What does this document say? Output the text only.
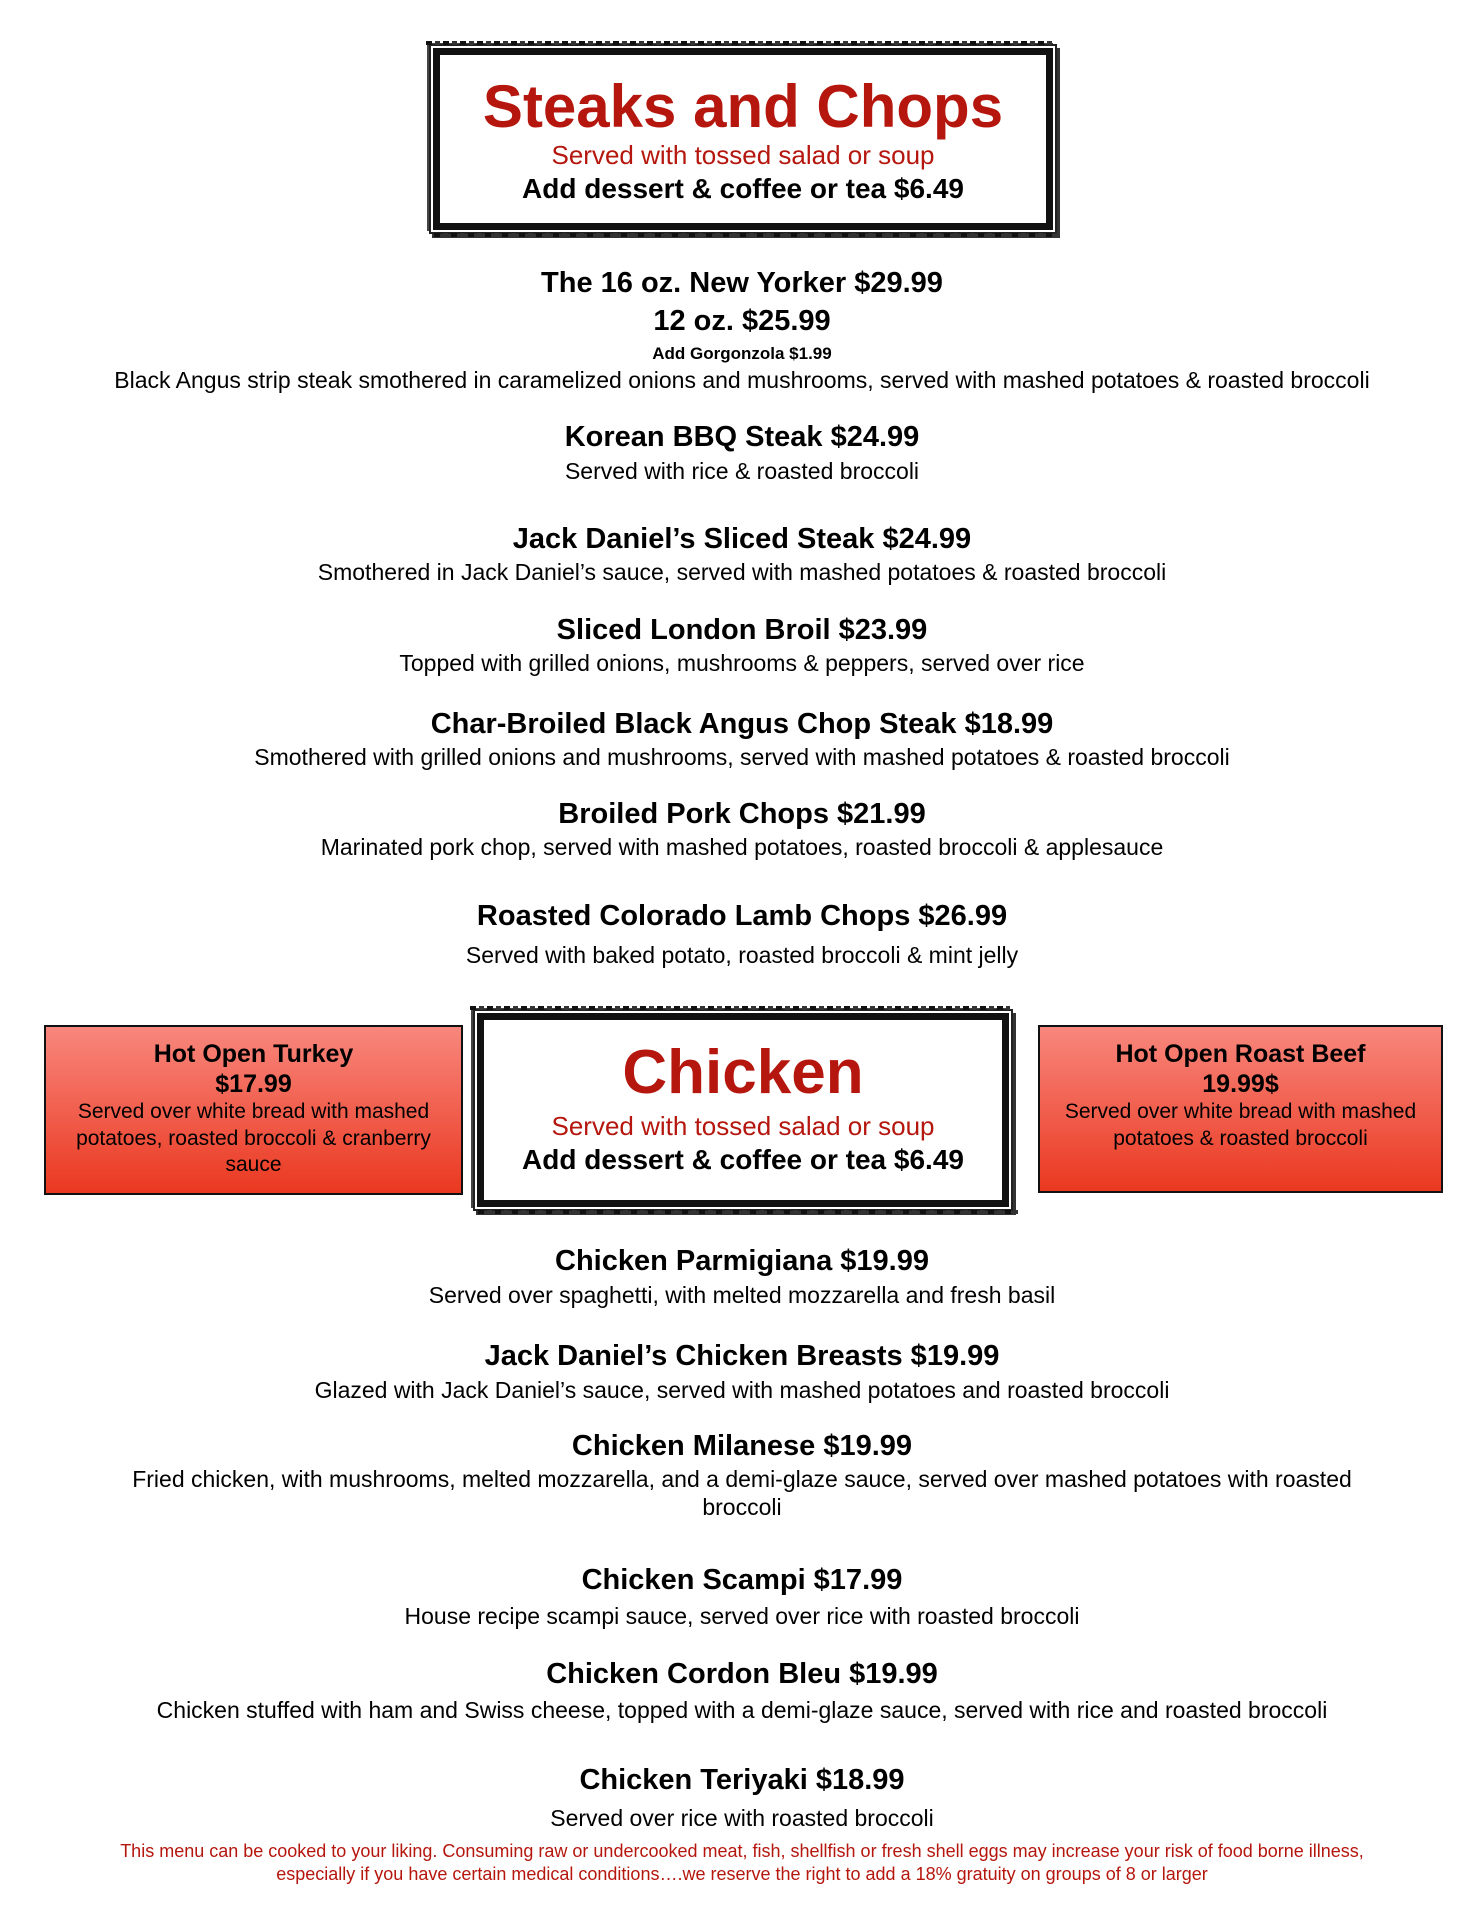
Steaks and Chops
Served with tossed salad or soup
Add dessert & coffee or tea $6.49
The 16 oz. New Yorker $29.99
12 oz. $25.99
Add Gorgonzola $1.99
Black Angus strip steak smothered in caramelized onions and mushrooms, served with mashed potatoes & roasted broccoli
Korean BBQ Steak $24.99
Served with rice & roasted broccoli
Jack Daniel’s Sliced Steak $24.99
Smothered in Jack Daniel’s sauce, served with mashed potatoes & roasted broccoli
Sliced London Broil $23.99
Topped with grilled onions, mushrooms & peppers, served over rice
Char-Broiled Black Angus Chop Steak $18.99
Smothered with grilled onions and mushrooms, served with mashed potatoes & roasted broccoli
Broiled Pork Chops $21.99
Marinated pork chop, served with mashed potatoes, roasted broccoli & applesauce
Roasted Colorado Lamb Chops $26.99
Served with baked potato, roasted broccoli & mint jelly
Hot Open Turkey
$17.99
Served over white bread with mashed potatoes, roasted broccoli & cranberry sauce
Chicken
Served with tossed salad or soup
Add dessert & coffee or tea $6.49
Hot Open Roast Beef
19.99$
Served over white bread with mashed potatoes & roasted broccoli
Chicken Parmigiana $19.99
Served over spaghetti, with melted mozzarella and fresh basil
Jack Daniel’s Chicken Breasts $19.99
Glazed with Jack Daniel’s sauce, served with mashed potatoes and roasted broccoli
Chicken Milanese $19.99
Fried chicken, with mushrooms, melted mozzarella, and a demi-glaze sauce, served over mashed potatoes with roasted broccoli
Chicken Scampi $17.99
House recipe scampi sauce, served over rice with roasted broccoli
Chicken Cordon Bleu $19.99
Chicken stuffed with ham and Swiss cheese, topped with a demi-glaze sauce, served with rice and roasted broccoli
Chicken Teriyaki $18.99
Served over rice with roasted broccoli
This menu can be cooked to your liking. Consuming raw or undercooked meat, fish, shellfish or fresh shell eggs may increase your risk of food borne illness,
especially if you have certain medical conditions….we reserve the right to add a 18% gratuity on groups of 8 or larger
